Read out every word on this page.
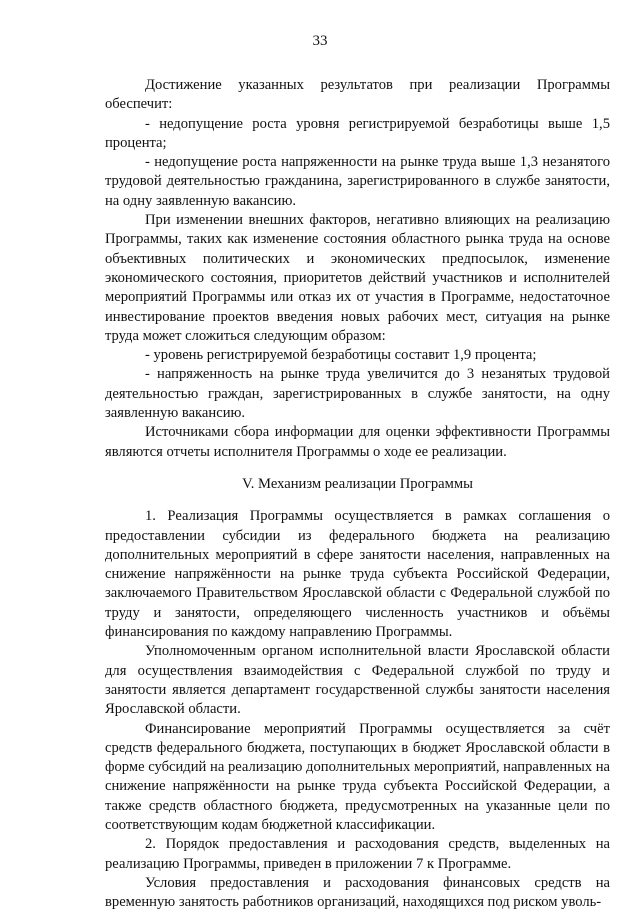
33

Достижение указанных результатов при реализации Программы обеспечит:

- недопущение роста уровня регистрируемой безработицы выше 1,5 процента;

- недопущение роста напряженности на рынке труда выше 1,3 незанятого трудовой деятельностью гражданина, зарегистрированного в службе занятости, на одну заявленную вакансию.

При изменении внешних факторов, негативно влияющих на реализацию Программы, таких как изменение состояния областного рынка труда на основе объективных политических и экономических предпосылок, изменение экономического состояния, приоритетов действий участников и исполнителей мероприятий Программы или отказ их от участия в Программе, недостаточное инвестирование проектов введения новых рабочих мест, ситуация на рынке труда может сложиться следующим образом:

- уровень регистрируемой безработицы составит 1,9 процента;

- напряженность на рынке труда увеличится до 3 незанятых трудовой деятельностью граждан, зарегистрированных в службе занятости, на одну заявленную вакансию.

Источниками сбора информации для оценки эффективности Программы являются отчеты исполнителя Программы о ходе ее реализации.

V. Механизм реализации Программы

1. Реализация Программы осуществляется в рамках соглашения о предоставлении субсидии из федерального бюджета на реализацию дополнительных мероприятий в сфере занятости населения, направленных на снижение напряжённости на рынке труда субъекта Российской Федерации, заключаемого Правительством Ярославской области с Федеральной службой по труду и занятости, определяющего численность участников и объёмы финансирования по каждому направлению Программы.

Уполномоченным органом исполнительной власти Ярославской области для осуществления взаимодействия с Федеральной службой по труду и занятости является департамент государственной службы занятости населения Ярославской области.

Финансирование мероприятий Программы осуществляется за счёт средств федерального бюджета, поступающих в бюджет Ярославской области в форме субсидий на реализацию дополнительных мероприятий, направленных на снижение напряжённости на рынке труда субъекта Российской Федерации, а также средств областного бюджета, предусмотренных на указанные цели по соответствующим кодам бюджетной классификации.

2. Порядок предоставления и расходования средств, выделенных на реализацию Программы, приведен в приложении 7 к Программе.

Условия предоставления и расходования финансовых средств на временную занятость работников организаций, находящихся под риском уволь-
